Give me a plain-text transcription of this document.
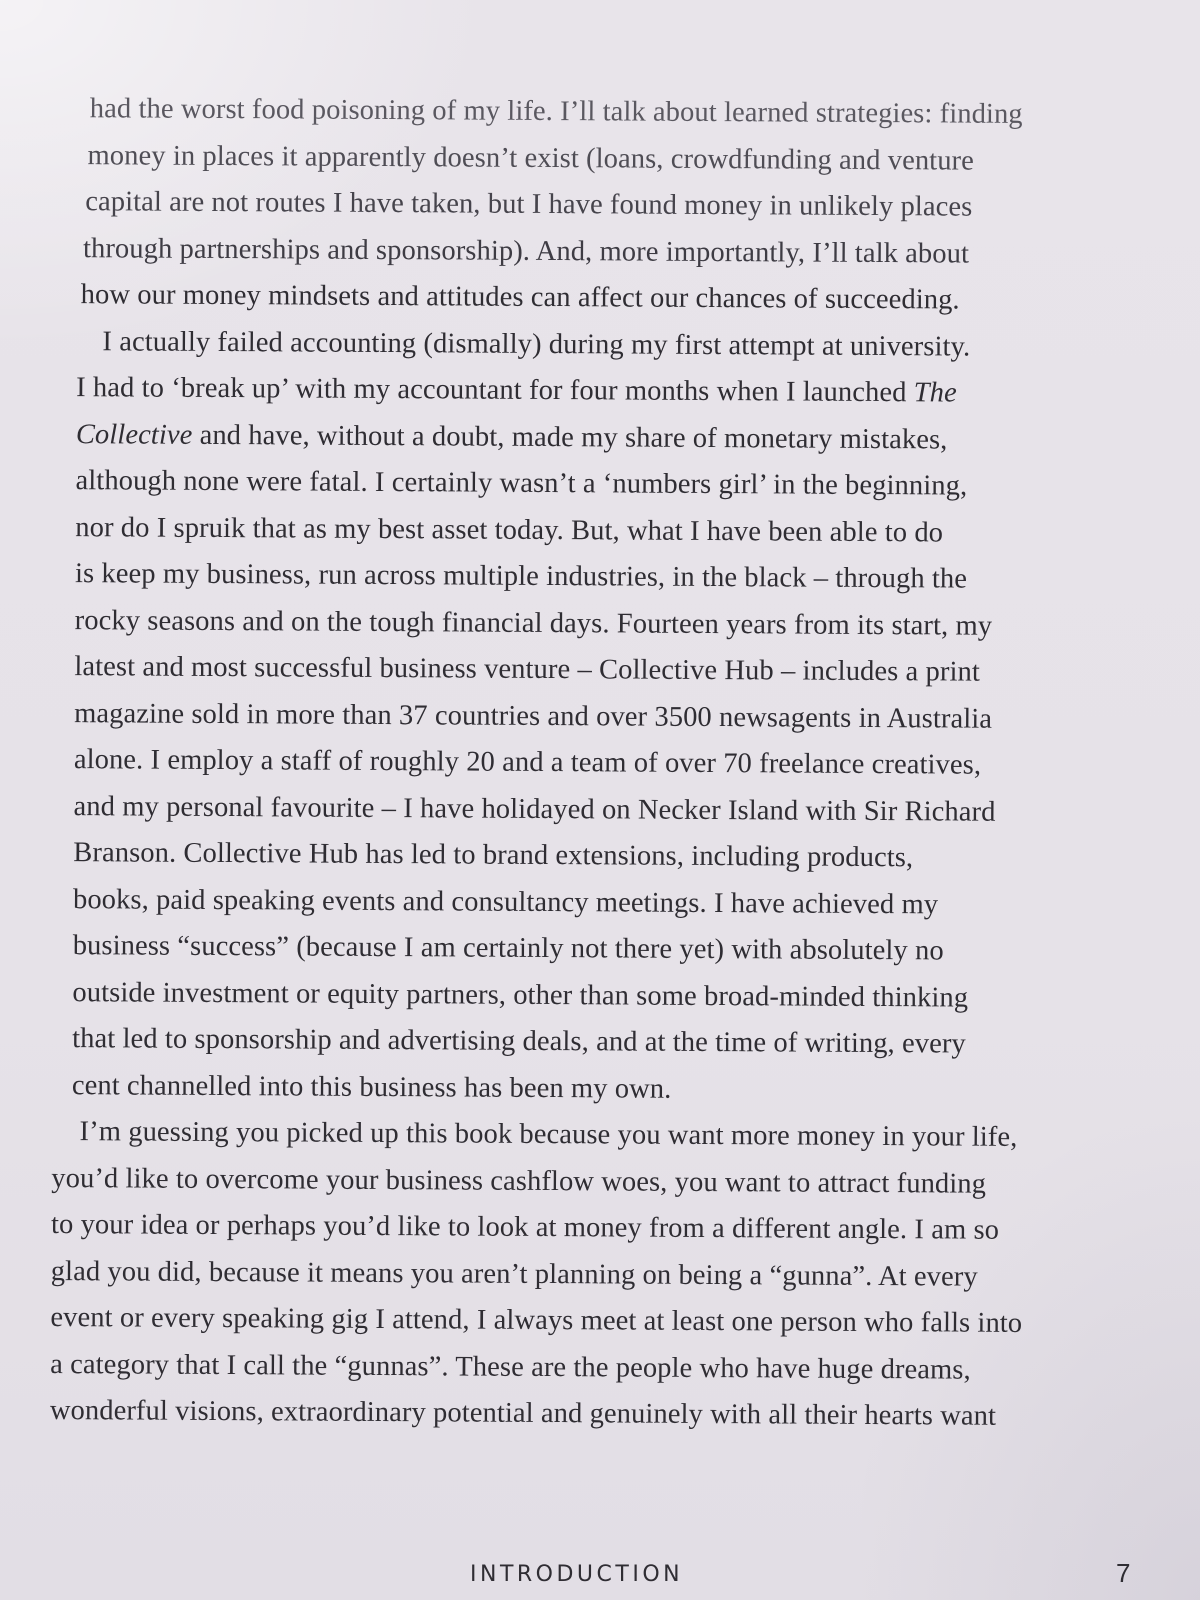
had the worst food poisoning of my life. I’ll talk about learned strategies: finding
money in places it apparently doesn’t exist (loans, crowdfunding and venture
capital are not routes I have taken, but I have found money in unlikely places
through partnerships and sponsorship). And, more importantly, I’ll talk about
how our money mindsets and attitudes can affect our chances of succeeding.

I actually failed accounting (dismally) during my first attempt at university.
I had to ‘break up’ with my accountant for four months when I launched The
Collective and have, without a doubt, made my share of monetary mistakes,
although none were fatal. I certainly wasn’t a ‘numbers girl’ in the beginning,
nor do I spruik that as my best asset today. But, what I have been able to do
is keep my business, run across multiple industries, in the black – through the
rocky seasons and on the tough financial days. Fourteen years from its start, my
latest and most successful business venture – Collective Hub – includes a print
magazine sold in more than 37 countries and over 3500 newsagents in Australia
alone. I employ a staff of roughly 20 and a team of over 70 freelance creatives,
and my personal favourite – I have holidayed on Necker Island with Sir Richard
Branson. Collective Hub has led to brand extensions, including products,
books, paid speaking events and consultancy meetings. I have achieved my
business “success” (because I am certainly not there yet) with absolutely no
outside investment or equity partners, other than some broad-minded thinking
that led to sponsorship and advertising deals, and at the time of writing, every
cent channelled into this business has been my own.

I’m guessing you picked up this book because you want more money in your life,
you’d like to overcome your business cashflow woes, you want to attract funding
to your idea or perhaps you’d like to look at money from a different angle. I am so
glad you did, because it means you aren’t planning on being a “gunna”. At every
event or every speaking gig I attend, I always meet at least one person who falls into
a category that I call the “gunnas”. These are the people who have huge dreams,
wonderful visions, extraordinary potential and genuinely with all their hearts want

INTRODUCTION	7
